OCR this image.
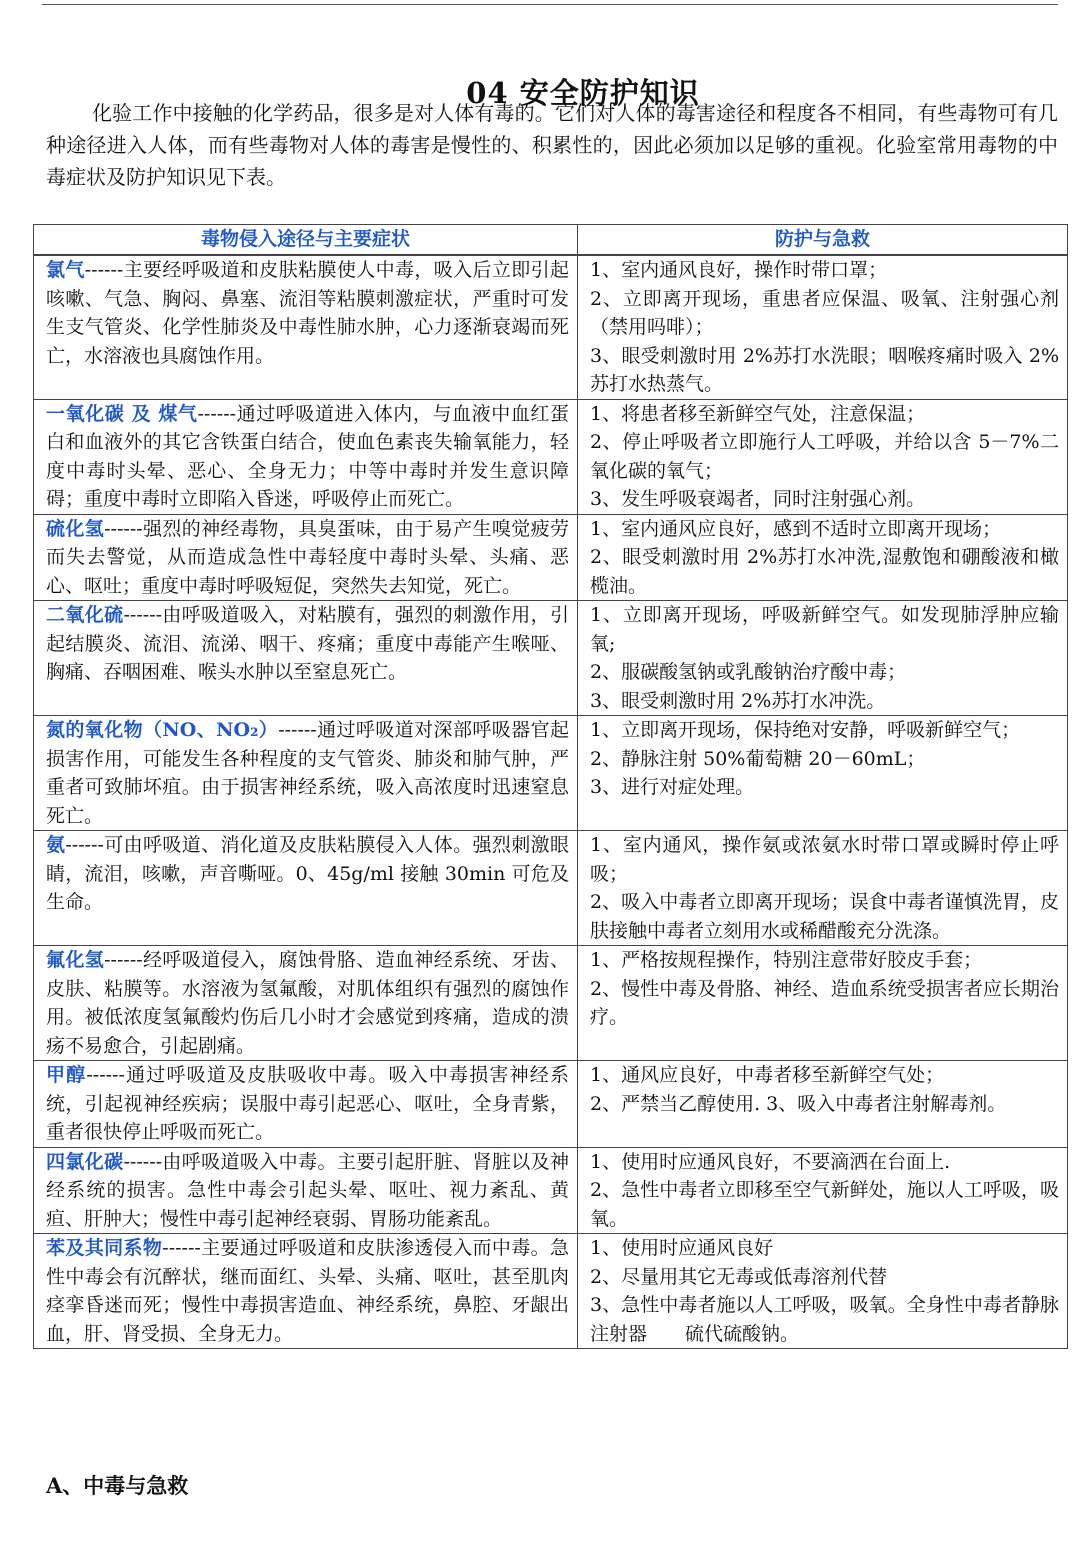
04 安全防护知识

化验工作中接触的化学药品，很多是对人体有毒的。它们对人体的毒害途径和程度各不相同，有些毒物可有几种途径进入人体，而有些毒物对人体的毒害是慢性的、积累性的，因此必须加以足够的重视。化验室常用毒物的中毒症状及防护知识见下表。

毒物侵入途径与主要症状	防护与急救
氯气------主要经呼吸道和皮肤粘膜使人中毒，吸入后立即引起咳嗽、气急、胸闷、鼻塞、流泪等粘膜刺激症状，严重时可发生支气管炎、化学性肺炎及中毒性肺水肿，心力逐渐衰竭而死亡，水溶液也具腐蚀作用。	1、室内通风良好，操作时带口罩；
2、立即离开现场，重患者应保温、吸氧、注射强心剂（禁用吗啡）；
3、眼受刺激时用 2%苏打水洗眼；咽喉疼痛时吸入 2%苏打水热蒸气。

一氧化碳 及 煤气------通过呼吸道进入体内，与血液中血红蛋白和血液外的其它含铁蛋白结合，使血色素丧失输氧能力，轻度中毒时头晕、恶心、全身无力；中等中毒时并发生意识障碍；重度中毒时立即陷入昏迷，呼吸停止而死亡。	1、将患者移至新鲜空气处，注意保温；
2、停止呼吸者立即施行人工呼吸，并给以含 5－7%二氧化碳的氧气；
3、发生呼吸衰竭者，同时注射强心剂。

硫化氢------强烈的神经毒物，具臭蛋味，由于易产生嗅觉疲劳而失去警觉，从而造成急性中毒轻度中毒时头晕、头痛、恶心、呕吐；重度中毒时呼吸短促，突然失去知觉，死亡。	1、室内通风应良好，感到不适时立即离开现场；
2、眼受刺激时用 2%苏打水冲洗,湿敷饱和硼酸液和橄榄油。

二氧化硫------由呼吸道吸入，对粘膜有，强烈的刺激作用，引起结膜炎、流泪、流涕、咽干、疼痛；重度中毒能产生喉哑、胸痛、吞咽困难、喉头水肿以至窒息死亡。	1、立即离开现场，呼吸新鲜空气。如发现肺浮肿应输氧;
2、服碳酸氢钠或乳酸钠治疗酸中毒；
3、眼受刺激时用 2%苏打水冲洗。

氮的氧化物（NO、NO₂）------通过呼吸道对深部呼吸器官起损害作用，可能发生各种程度的支气管炎、肺炎和肺气肿，严重者可致肺坏疽。由于损害神经系统，吸入高浓度时迅速窒息死亡。	1、立即离开现场，保持绝对安静，呼吸新鲜空气；
2、静脉注射 50%葡萄糖 20－60mL；
3、进行对症处理。

氨------可由呼吸道、消化道及皮肤粘膜侵入人体。强烈刺激眼睛，流泪，咳嗽，声音嘶哑。0、45g/ml 接触 30min 可危及生命。	1、室内通风，操作氨或浓氨水时带口罩或瞬时停止呼吸；
2、吸入中毒者立即离开现场；误食中毒者谨慎洗胃，皮肤接触中毒者立刻用水或稀醋酸充分洗涤。

氟化氢------经呼吸道侵入，腐蚀骨胳、造血神经系统、牙齿、皮肤、粘膜等。水溶液为氢氟酸，对肌体组织有强烈的腐蚀作用。被低浓度氢氟酸灼伤后几小时才会感觉到疼痛，造成的溃疡不易愈合，引起剧痛。	1、严格按规程操作，特别注意带好胶皮手套；
2、慢性中毒及骨胳、神经、造血系统受损害者应长期治疗。

甲醇------通过呼吸道及皮肤吸收中毒。吸入中毒损害神经系统，引起视神经疾病；误服中毒引起恶心、呕吐，全身青紫，重者很快停止呼吸而死亡。	1、通风应良好，中毒者移至新鲜空气处；
2、严禁当乙醇使用. 3、吸入中毒者注射解毒剂。

四氯化碳------由呼吸道吸入中毒。主要引起肝脏、肾脏以及神经系统的损害。急性中毒会引起头晕、呕吐、视力紊乱、黄疸、肝肿大；慢性中毒引起神经衰弱、胃肠功能紊乱。	1、使用时应通风良好，不要滴洒在台面上.
2、急性中毒者立即移至空气新鲜处，施以人工呼吸，吸氧。

苯及其同系物------主要通过呼吸道和皮肤渗透侵入而中毒。急性中毒会有沉醉状，继而面红、头晕、头痛、呕吐，甚至肌肉痉挛昏迷而死；慢性中毒损害造血、神经系统，鼻腔、牙龈出血，肝、肾受损、全身无力。	1、使用时应通风良好
2、尽量用其它无毒或低毒溶剂代替
3、急性中毒者施以人工呼吸，吸氧。全身性中毒者静脉注射器　　硫代硫酸钠。
A、中毒与急救
